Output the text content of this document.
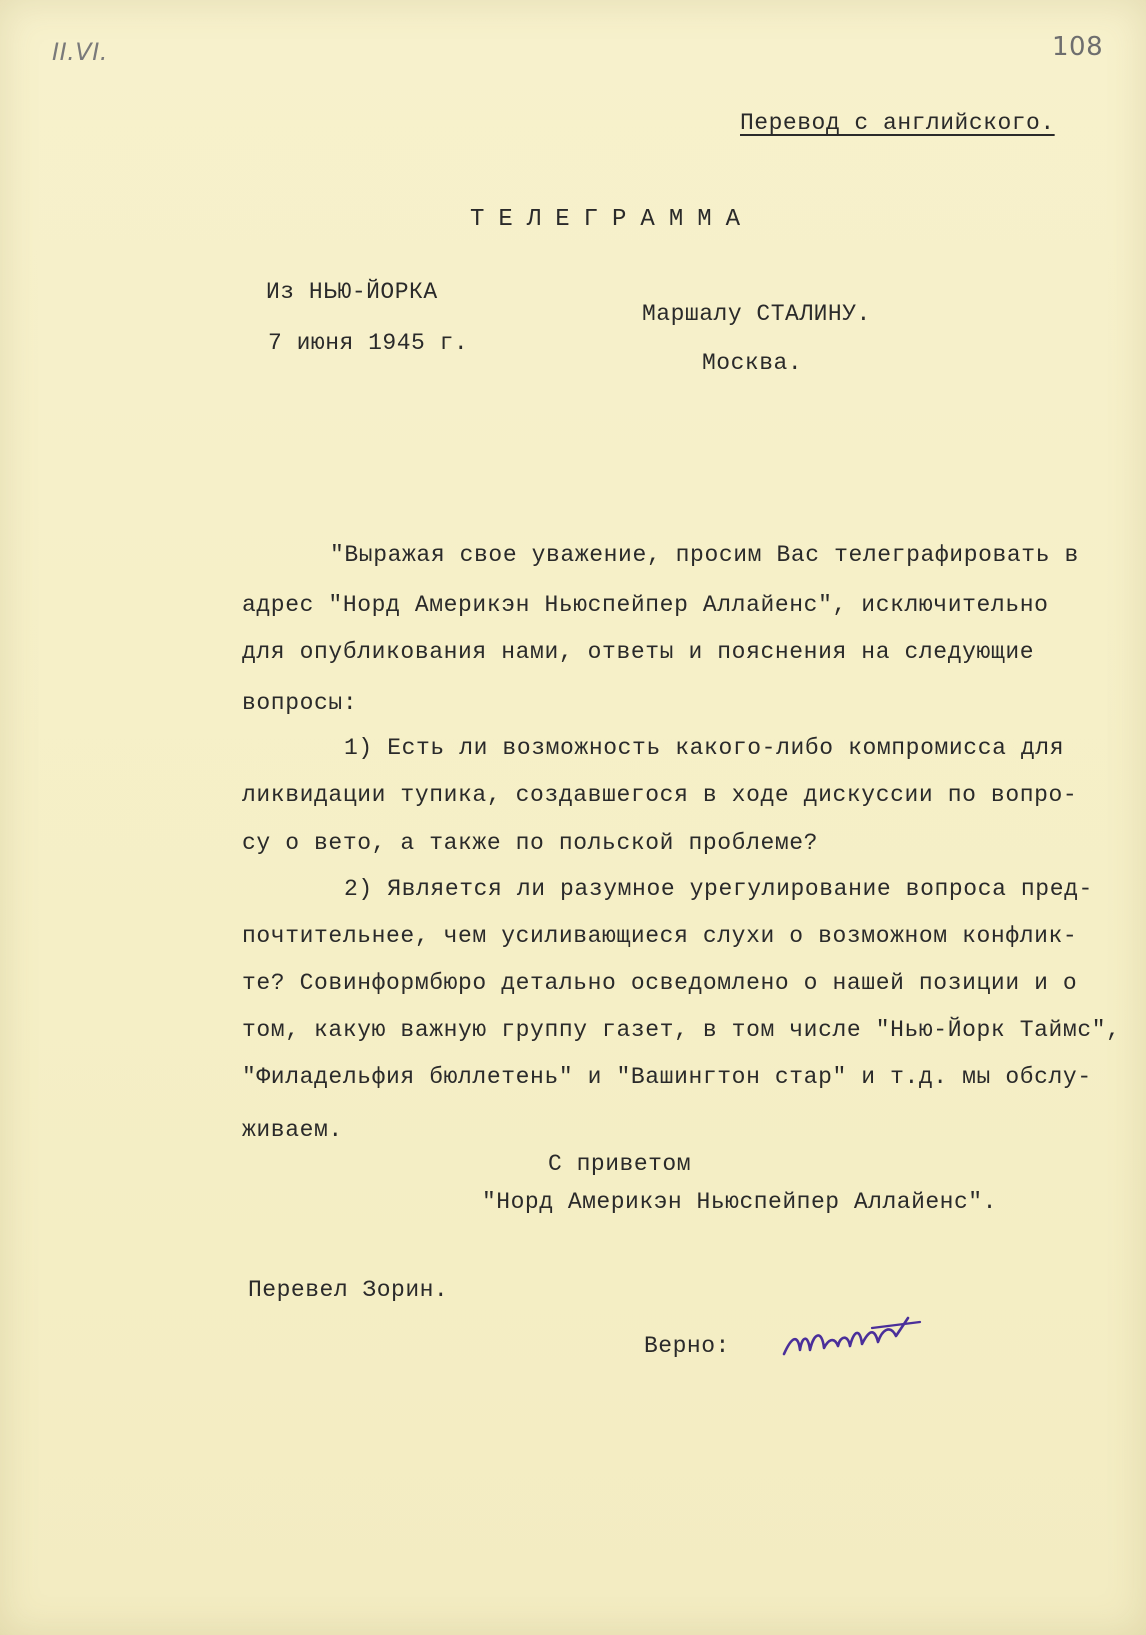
II.VI.	108
Перевод с английского.
ТЕЛЕГРАММА
Из НЬЮ-ЙОРКА
7 июня 1945 г.
Маршалу СТАЛИНУ.
Москва.
"Выражая свое уважение, просим Вас телеграфировать в
адрес "Норд Америкэн Ньюспейпер Аллайенс", исключительно
для опубликования нами, ответы и пояснения на следующие
вопросы:
1) Есть ли возможность какого-либо компромисса для
ликвидации тупика, создавшегося в ходе дискуссии по вопро-
су о вето, а также по польской проблеме?
2) Является ли разумное урегулирование вопроса пред-
почтительнее, чем усиливающиеся слухи о возможном конфлик-
те? Совинформбюро детально осведомлено о нашей позиции и о
том, какую важную группу газет, в том числе "Нью-Йорк Таймс",
"Филадельфия бюллетень" и "Вашингтон стар" и т.д. мы обслу-
живаем.
С приветом
"Норд Америкэн Ньюспейпер Аллайенс".
Перевел Зорин.
Верно:
